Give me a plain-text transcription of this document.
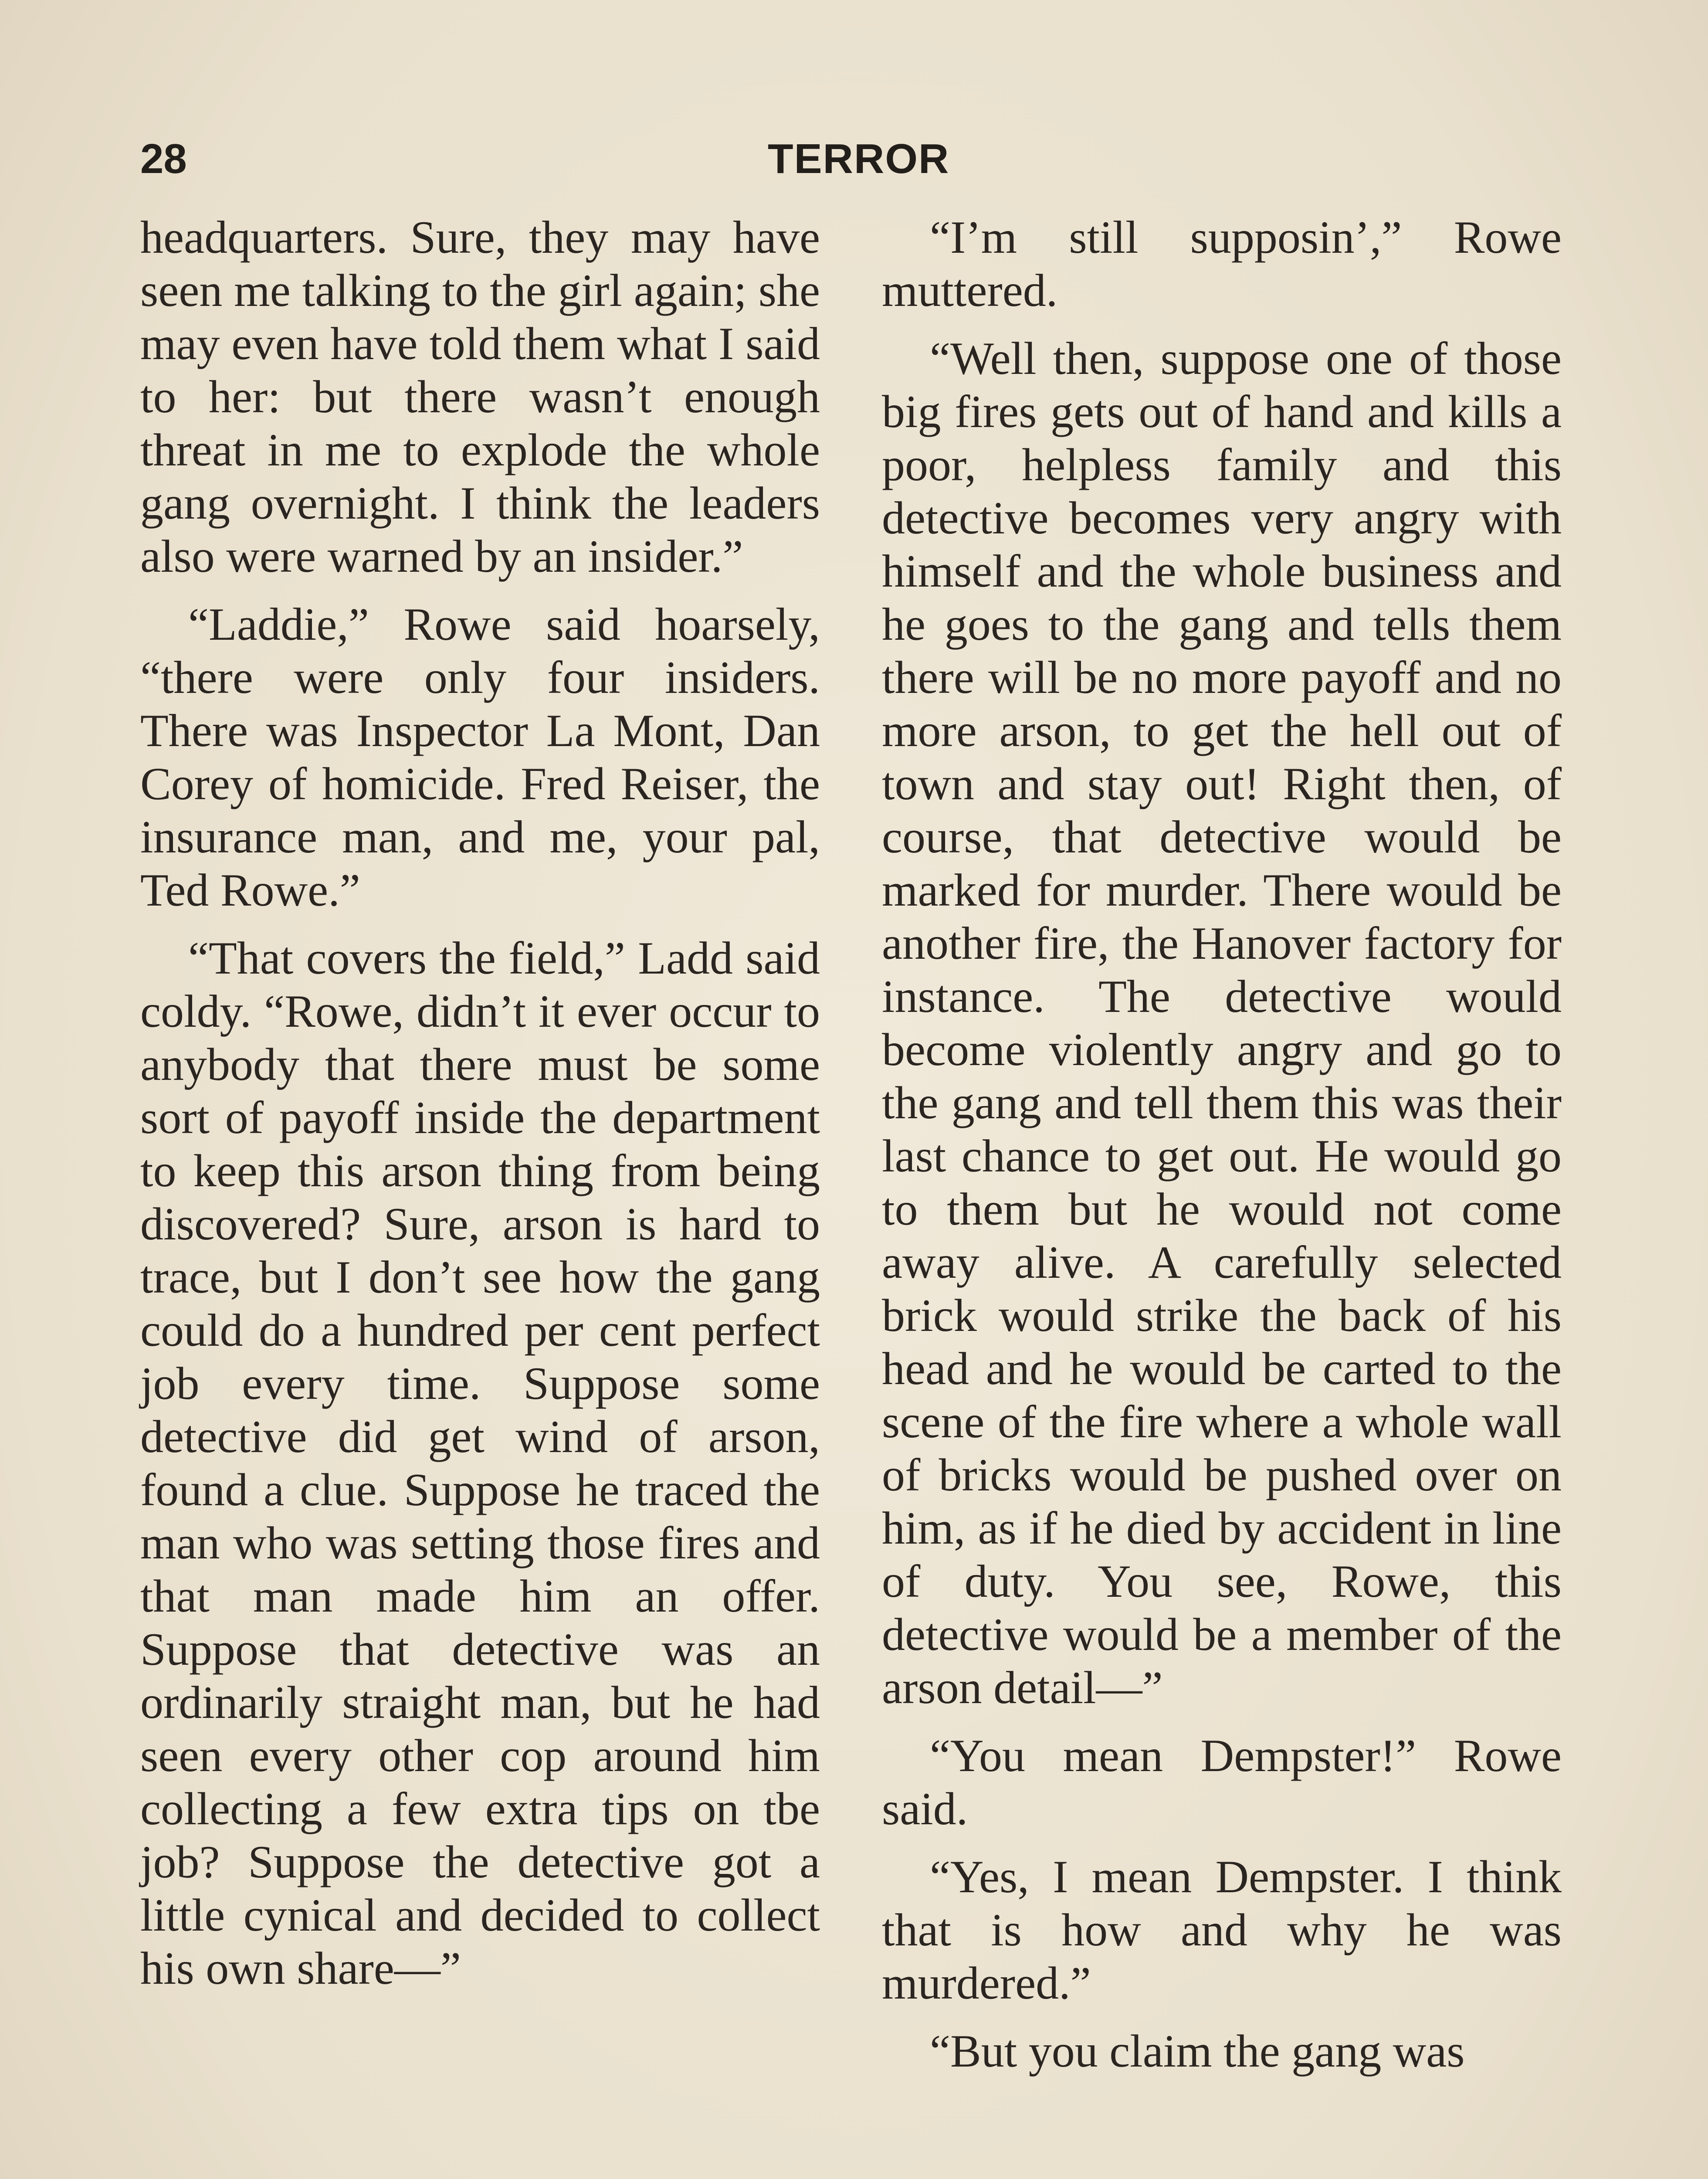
28	TERROR

headquarters. Sure, they may have seen me talking to the girl again; she may even have told them what I said to her: but there wasn’t enough threat in me to explode the whole gang overnight. I think the leaders also were warned by an insider.”

“Laddie,” Rowe said hoarsely, “there were only four insiders. There was Inspector La Mont, Dan Corey of homicide. Fred Reiser, the insurance man, and me, your pal, Ted Rowe.”

“That covers the field,” Ladd said coldy. “Rowe, didn’t it ever occur to anybody that there must be some sort of payoff inside the department to keep this arson thing from being discovered? Sure, arson is hard to trace, but I don’t see how the gang could do a hundred per cent perfect job every time. Suppose some detective did get wind of arson, found a clue. Suppose he traced the man who was setting those fires and that man made him an offer. Suppose that detective was an ordinarily straight man, but he had seen every other cop around him collecting a few extra tips on tbe job? Suppose the detective got a little cynical and decided to collect his own share—”

“I’m still supposin’,” Rowe muttered.

“Well then, suppose one of those big fires gets out of hand and kills a poor, helpless family and this detective becomes very angry with himself and the whole business and he goes to the gang and tells them there will be no more payoff and no more arson, to get the hell out of town and stay out! Right then, of course, that detective would be marked for murder. There would be another fire, the Hanover factory for instance. The detective would become violently angry and go to the gang and tell them this was their last chance to get out. He would go to them but he would not come away alive. A carefully selected brick would strike the back of his head and he would be carted to the scene of the fire where a whole wall of bricks would be pushed over on him, as if he died by accident in line of duty. You see, Rowe, this detective would be a member of the arson detail—”

“You mean Dempster!” Rowe said.

“Yes, I mean Dempster. I think that is how and why he was murdered.”

“But you claim the gang was
